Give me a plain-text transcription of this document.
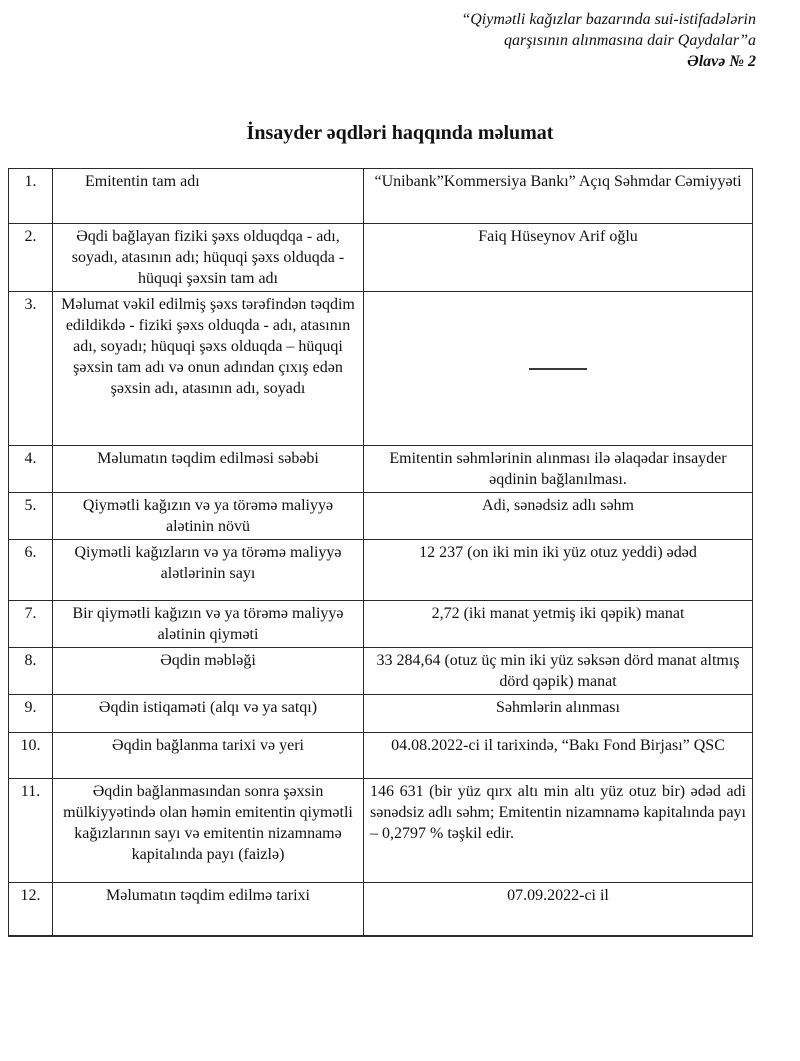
“Qiymətli kağızlar bazarında sui-istifadələrin
qarşısının alınmasına dair Qaydalar”a
Əlavə № 2
İnsayder əqdləri haqqında məlumat
1.	Emitentin tam adı	“Unibank”Kommersiya Bankı” Açıq Səhmdar Cəmiyyəti
2.	Əqdi bağlayan fiziki şəxs olduqdqa - adı, soyadı, atasının adı; hüquqi şəxs olduqda - hüquqi şəxsin tam adı	Faiq Hüseynov Arif oğlu
3.	Məlumat vəkil edilmiş şəxs tərəfindən təqdim edildikdə - fiziki şəxs olduqda - adı, atasının adı, soyadı; hüquqi şəxs olduqda – hüquqi şəxsin tam adı və onun adından çıxış edən şəxsin adı, atasının adı, soyadı	
4.	Məlumatın təqdim edilməsi səbəbi	Emitentin səhmlərinin alınması ilə əlaqədar insayder əqdinin bağlanılması.
5.	Qiymətli kağızın və ya törəmə maliyyə alətinin növü	Adi, sənədsiz adlı səhm
6.	Qiymətli kağızların və ya törəmə maliyyə alətlərinin sayı	12 237 (on iki min iki yüz otuz yeddi) ədəd
7.	Bir qiymətli kağızın və ya törəmə maliyyə alətinin qiyməti	2,72 (iki manat yetmiş iki qəpik) manat
8.	Əqdin məbləği	33 284,64 (otuz üç min iki yüz səksən dörd manat altmış dörd qəpik) manat
9.	Əqdin istiqaməti (alqı və ya satqı)	Səhmlərin alınması
10.	Əqdin bağlanma tarixi və yeri	04.08.2022-ci il tarixində, “Bakı Fond Birjası” QSC
11.	Əqdin bağlanmasından sonra şəxsin mülkiyyətində olan həmin emitentin qiymətli kağızlarının sayı və emitentin nizamnamə kapitalında payı (faizlə)	146 631 (bir yüz qırx altı min altı yüz otuz bir) ədəd adi sənədsiz adlı səhm; Emitentin nizamnamə kapitalında payı – 0,2797 % təşkil edir.
12.	Məlumatın təqdim edilmə tarixi	07.09.2022-ci il
